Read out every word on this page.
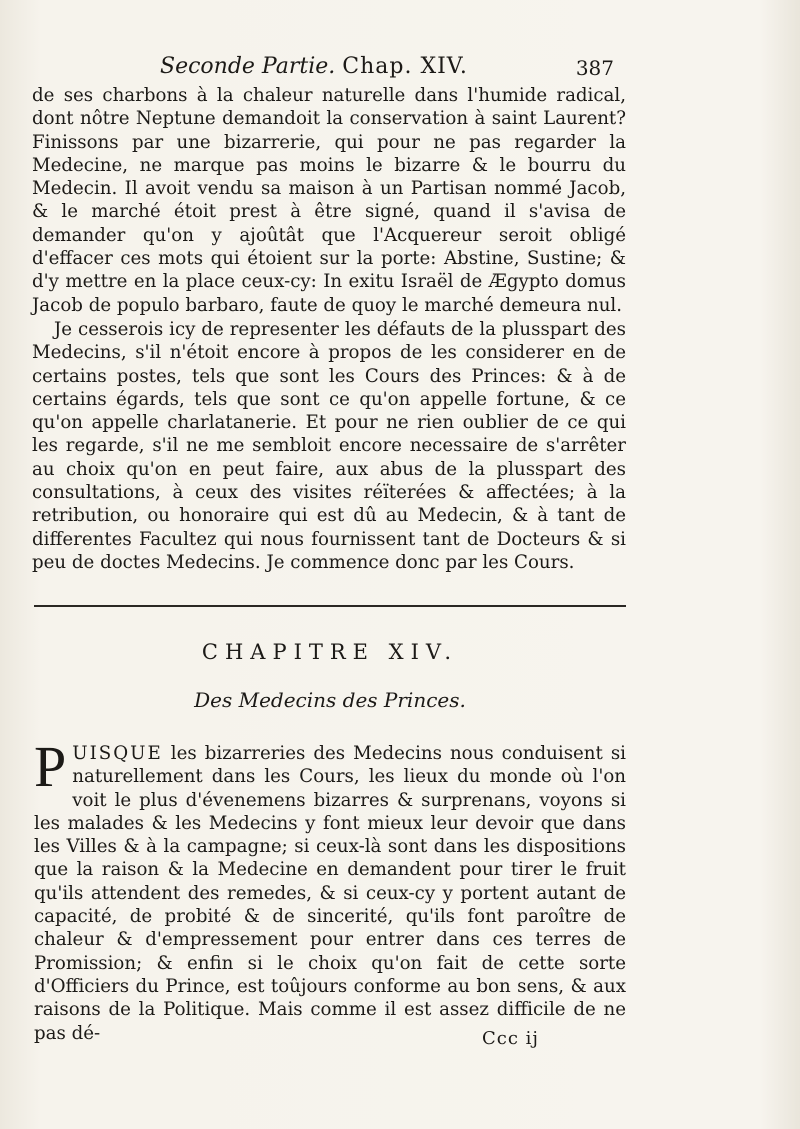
Seconde Partie. Chap. XIV.	387

de ses charbons à la chaleur naturelle dans l'humide radical, dont nôtre Neptune demandoit la conservation à saint Laurent? Finissons par une bizarrerie, qui pour ne pas regarder la Medecine, ne marque pas moins le bizarre & le bourru du Medecin. Il avoit vendu sa maison à un Partisan nommé Jacob, & le marché étoit prest à être signé, quand il s'avisa de demander qu'on y ajoûtât que l'Acquereur seroit obligé d'effacer ces mots qui étoient sur la porte: Abstine, Sustine; & d'y mettre en la place ceux-cy: In exitu Israël de Ægypto domus Jacob de populo barbaro, faute de quoy le marché demeura nul.

Je cesserois icy de representer les défauts de la plusspart des Medecins, s'il n'étoit encore à propos de les considerer en de certains postes, tels que sont les Cours des Princes: & à de certains égards, tels que sont ce qu'on appelle fortune, & ce qu'on appelle charlatanerie. Et pour ne rien oublier de ce qui les regarde, s'il ne me sembloit encore necessaire de s'arrêter au choix qu'on en peut faire, aux abus de la plusspart des consultations, à ceux des visites réïterées & affectées; à la retribution, ou honoraire qui est dû au Medecin, & à tant de differentes Facultez qui nous fournissent tant de Docteurs & si peu de doctes Medecins. Je commence donc par les Cours.

CHAPITRE XIV.
Des Medecins des Princes.

P UISQUE les bizarreries des Medecins nous conduisent si naturellement dans les Cours, les lieux du monde où l'on voit le plus d'évenemens bizarres & surprenans, voyons si les malades & les Medecins y font mieux leur devoir que dans les Villes & à la campagne; si ceux-là sont dans les dispositions que la raison & la Medecine en demandent pour tirer le fruit qu'ils attendent des remedes, & si ceux-cy y portent autant de capacité, de probité & de sincerité, qu'ils font paroître de chaleur & d'empressement pour entrer dans ces terres de Promission; & enfin si le choix qu'on fait de cette sorte d'Officiers du Prince, est toûjours conforme au bon sens, & aux raisons de la Politique. Mais comme il est assez difficile de ne pas dé-	Ccc ij
